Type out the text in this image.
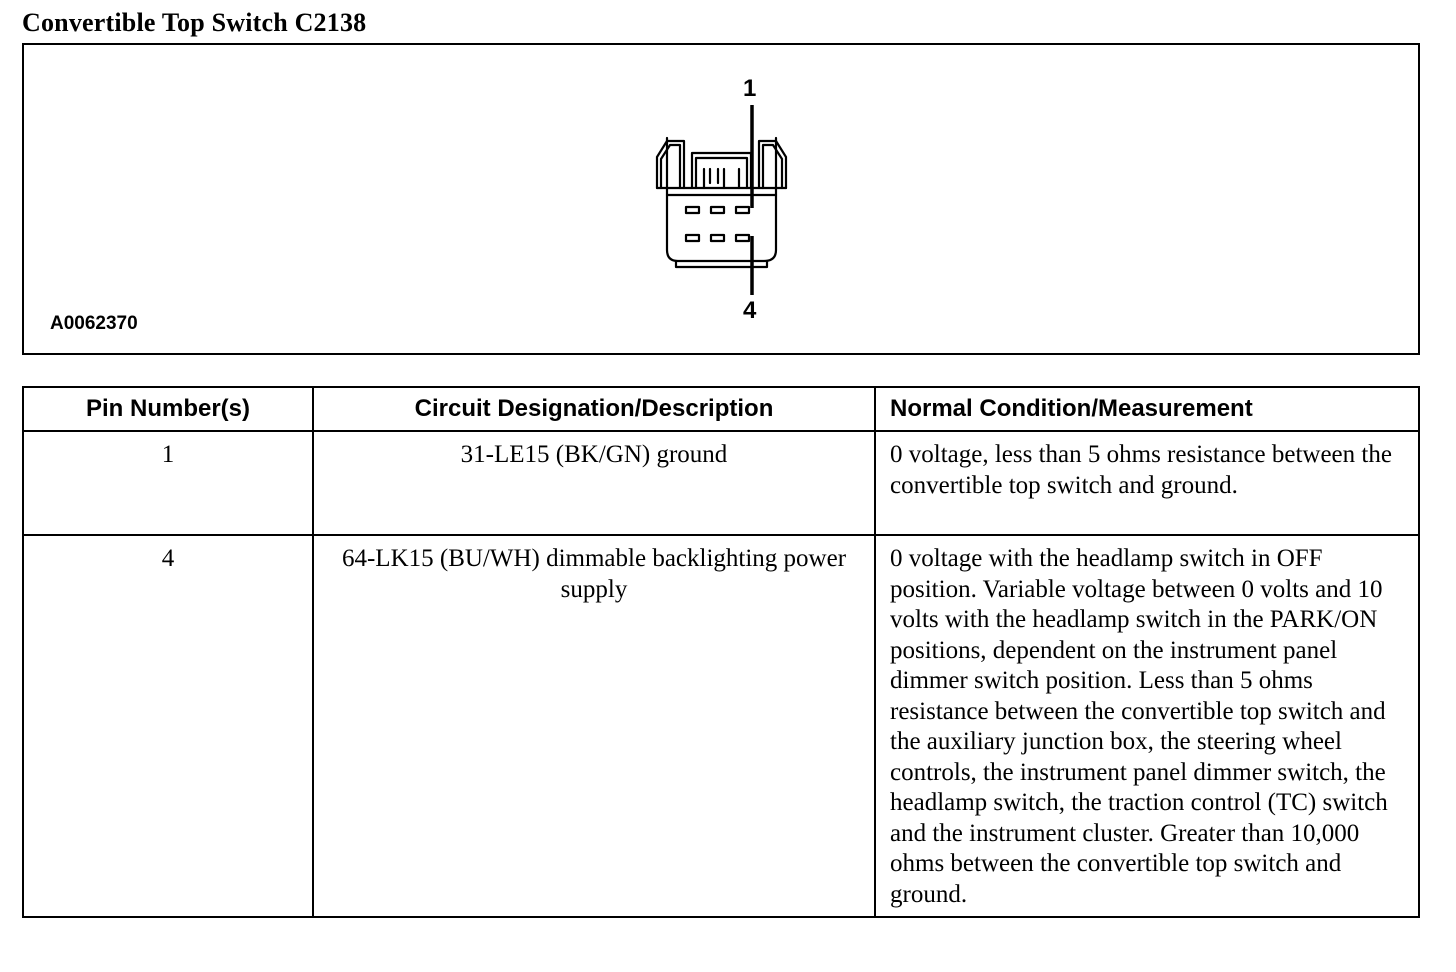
Convertible Top Switch C2138
1
4
A0062370
Pin Number(s)	Circuit Designation/Description	Normal Condition/Measurement
1	31-LE15 (BK/GN) ground	0 voltage, less than 5 ohms resistance between the convertible top switch and ground.
4	64-LK15 (BU/WH) dimmable backlighting power supply	0 voltage with the headlamp switch in OFF position. Variable voltage between 0 volts and 10 volts with the headlamp switch in the PARK/ON positions, dependent on the instrument panel dimmer switch position. Less than 5 ohms resistance between the convertible top switch and the auxiliary junction box, the steering wheel controls, the instrument panel dimmer switch, the headlamp switch, the traction control (TC) switch and the instrument cluster. Greater than 10,000 ohms between the convertible top switch and ground.
